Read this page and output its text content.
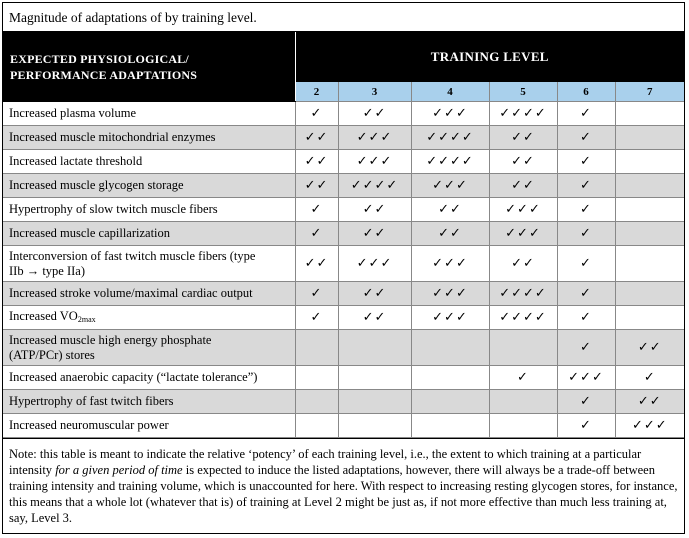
Magnitude of adaptations of by training level.
EXPECTED PHYSIOLOGICAL/
PERFORMANCE ADAPTATIONS	TRAINING LEVEL					
	2	3	4	5	6	7
Increased plasma volume	✓	✓✓	✓✓✓	✓✓✓✓	✓	
Increased muscle mitochondrial enzymes	✓✓	✓✓✓	✓✓✓✓	✓✓	✓	
Increased lactate threshold	✓✓	✓✓✓	✓✓✓✓	✓✓	✓	
Increased muscle glycogen storage	✓✓	✓✓✓✓	✓✓✓	✓✓	✓	
Hypertrophy of slow twitch muscle fibers	✓	✓✓	✓✓	✓✓✓	✓	
Increased muscle capillarization	✓	✓✓	✓✓	✓✓✓	✓	
Interconversion of fast twitch muscle fibers (type
IIb → type IIa)	✓✓	✓✓✓	✓✓✓	✓✓	✓	
Increased stroke volume/maximal cardiac output	✓	✓✓	✓✓✓	✓✓✓✓	✓	
Increased $VO_{2max}$	✓	✓✓	✓✓✓	✓✓✓✓	✓	
Increased muscle high energy phosphate
(ATP/PCr) stores					✓	✓✓
Increased anaerobic capacity (“lactate tolerance”)				✓	✓✓✓	✓
Hypertrophy of fast twitch fibers					✓	✓✓
Increased neuromuscular power					✓	✓✓✓
Note: this table is meant to indicate the relative ‘potency’ of each training level, i.e., the extent to which training at a particular intensity for a given period of time is expected to induce the listed adaptations, however, there will always be a trade-off between training intensity and training volume, which is unaccounted for here. With respect to increasing resting glycogen stores, for instance, this means that a whole lot (whatever that is) of training at Level 2 might be just as, if not more effective than much less training at, say, Level 3.
